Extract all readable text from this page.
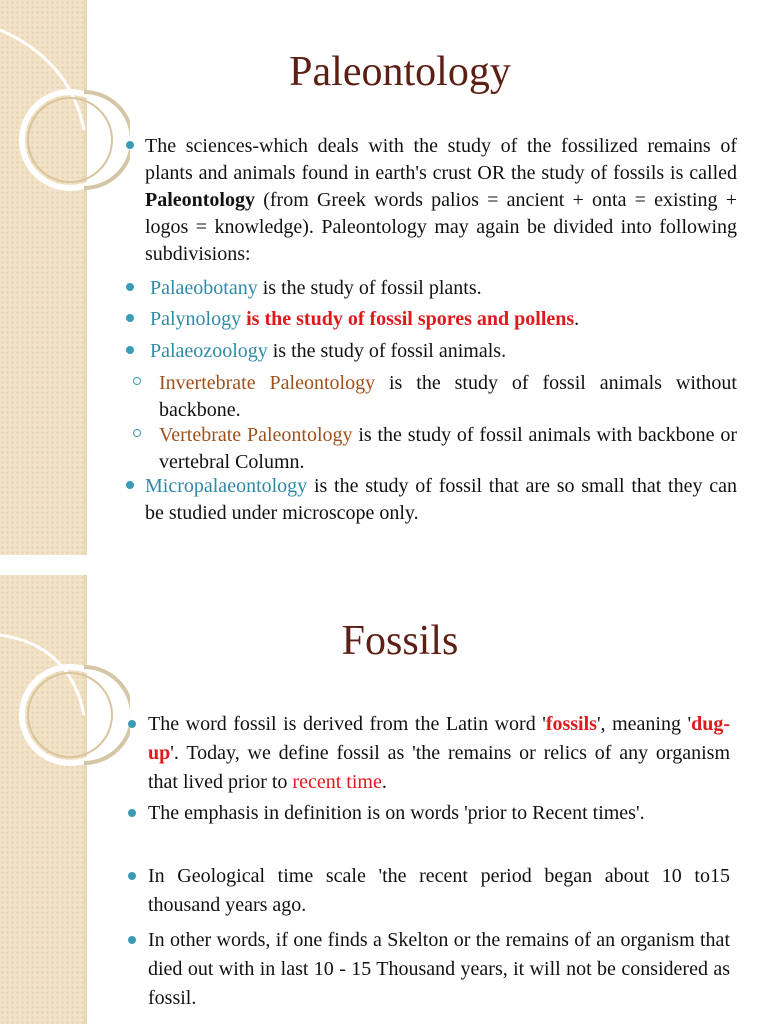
Paleontology
The sciences-which deals with the study of the fossilized remains of plants and animals found in earth's crust OR the study of fossils is called Paleontology (from Greek words palios = ancient + onta = existing + logos = knowledge). Paleontology may again be divided into following subdivisions:
Palaeobotany is the study of fossil plants.
Palynology is the study of fossil spores and pollens.
Palaeozoology is the study of fossil animals.
Invertebrate Paleontology is the study of fossil animals without backbone.
Vertebrate Paleontology is the study of fossil animals with backbone or vertebral Column.
Micropalaeontology is the study of fossil that are so small that they can be studied under microscope only.
Fossils
The word fossil is derived from the Latin word 'fossils', meaning 'dug-up'. Today, we define fossil as 'the remains or relics of any organism that lived prior to recent time.
The emphasis in definition is on words 'prior to Recent times'.
In Geological time scale 'the recent period began about 10 to15 thousand years ago.
In other words, if one finds a Skelton or the remains of an organism that died out with in last 10 - 15 Thousand years, it will not be considered as fossil.
